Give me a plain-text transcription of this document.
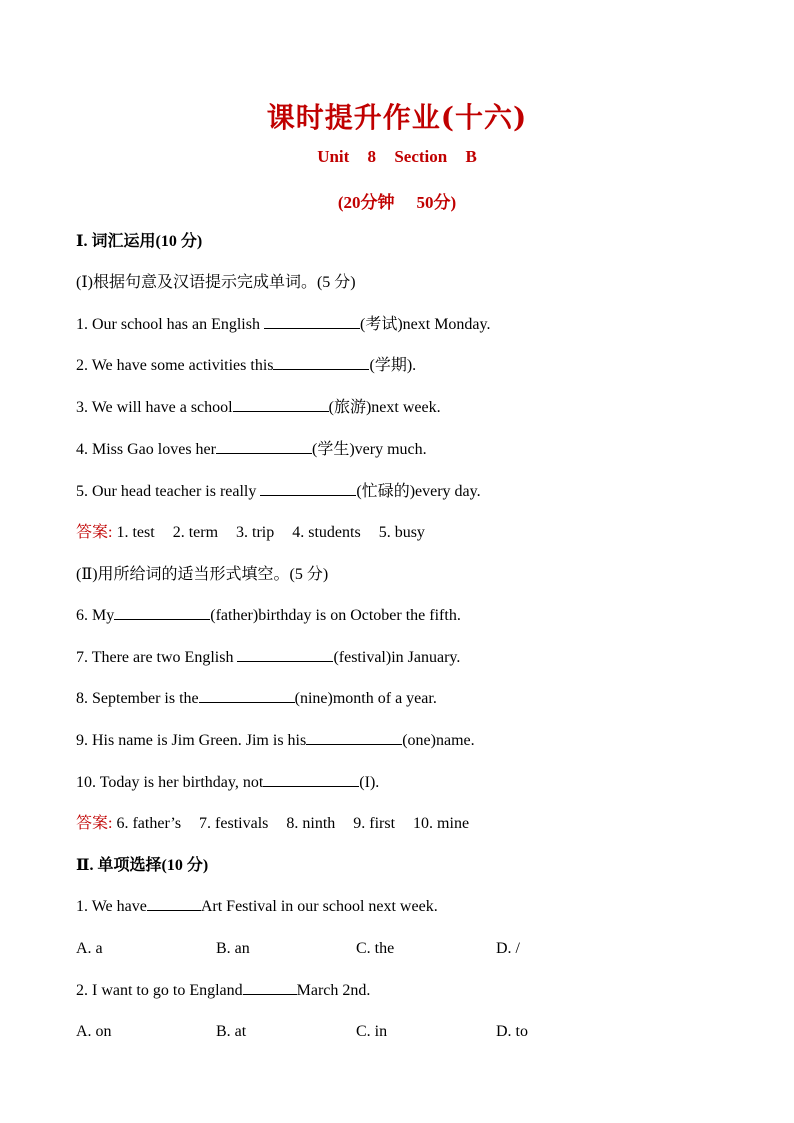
课时提升作业(十六)
Unit 8 Section B
(20分钟 50分)
Ⅰ. 词汇运用(10 分)
(Ⅰ)根据句意及汉语提示完成单词。(5 分)
1. Our school has an English	(考试)next Monday.
2. We have some activities this	(学期).
3. We will have a school	(旅游)next week.
4. Miss Gao loves her	(学生)very much.
5. Our head teacher is really	(忙碌的)every day.
答案: 1. test 2. term 3. trip 4. students 5. busy
(Ⅱ)用所给词的适当形式填空。(5 分)
6. My	(father)birthday is on October the fifth.
7. There are two English	(festival)in January.
8. September is the	(nine)month of a year.
9. His name is Jim Green. Jim is his	(one)name.
10. Today is her birthday, not	(I).
答案: 6. father’s 7. festivals 8. ninth 9. first 10. mine
Ⅱ. 单项选择(10 分)
1. We have	Art Festival in our school next week.
A. a	B. an	C. the	D. /
2. I want to go to England	March 2nd.
A. on	B. at	C. in	D. to
